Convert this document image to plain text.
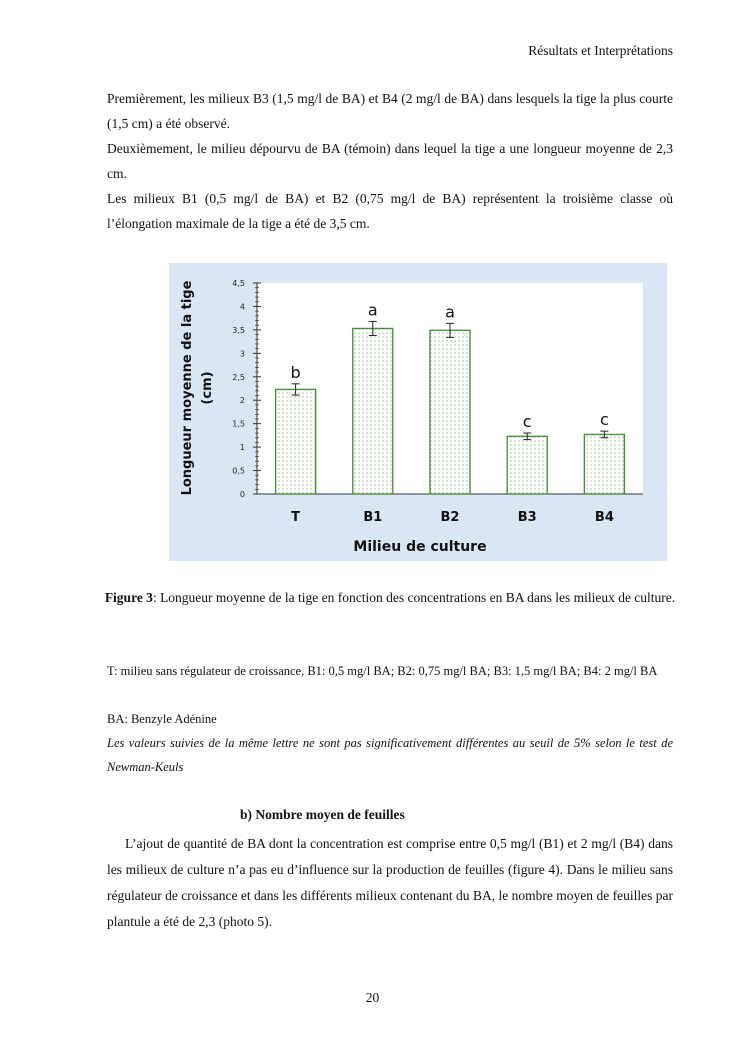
Résultats et Interprétations
Premièrement, les milieux B3 (1,5 mg/l de BA) et B4 (2 mg/l de BA) dans lesquels la tige la plus courte (1,5 cm) a été observé.
Deuxièmement, le milieu dépourvu de BA (témoin) dans lequel la tige a une longueur moyenne de 2,3 cm.
Les milieux B1 (0,5 mg/l de BA) et B2 (0,75 mg/l de BA) représentent la troisième classe où l’élongation maximale de la tige a été de 3,5 cm.
0
0,5
1
1,5
2
2,5
3
3,5
4
4,5
b
T
a
B1
a
B2
c
B3
c
B4
Milieu de culture
Longueur moyenne de la tige (cm)
Figure 3: Longueur moyenne de la tige en fonction des concentrations en BA dans les milieux de culture.
T: milieu sans régulateur de croissance, B1: 0,5 mg/l BA; B2: 0,75 mg/l BA; B3: 1,5 mg/l BA; B4: 2 mg/l BA
BA: Benzyle Adénine
Les valeurs suivies de la même lettre ne sont pas significativement différentes au seuil de 5% selon le test de Newman-Keuls
b) Nombre moyen de feuilles
L’ajout de quantité de BA dont la concentration est comprise entre 0,5 mg/l (B1) et 2 mg/l (B4) dans les milieux de culture n’a pas eu d’influence sur la production de feuilles (figure 4). Dans le milieu sans régulateur de croissance et dans les différents milieux contenant du BA, le nombre moyen de feuilles par plantule a été de 2,3 (photo 5).
20
